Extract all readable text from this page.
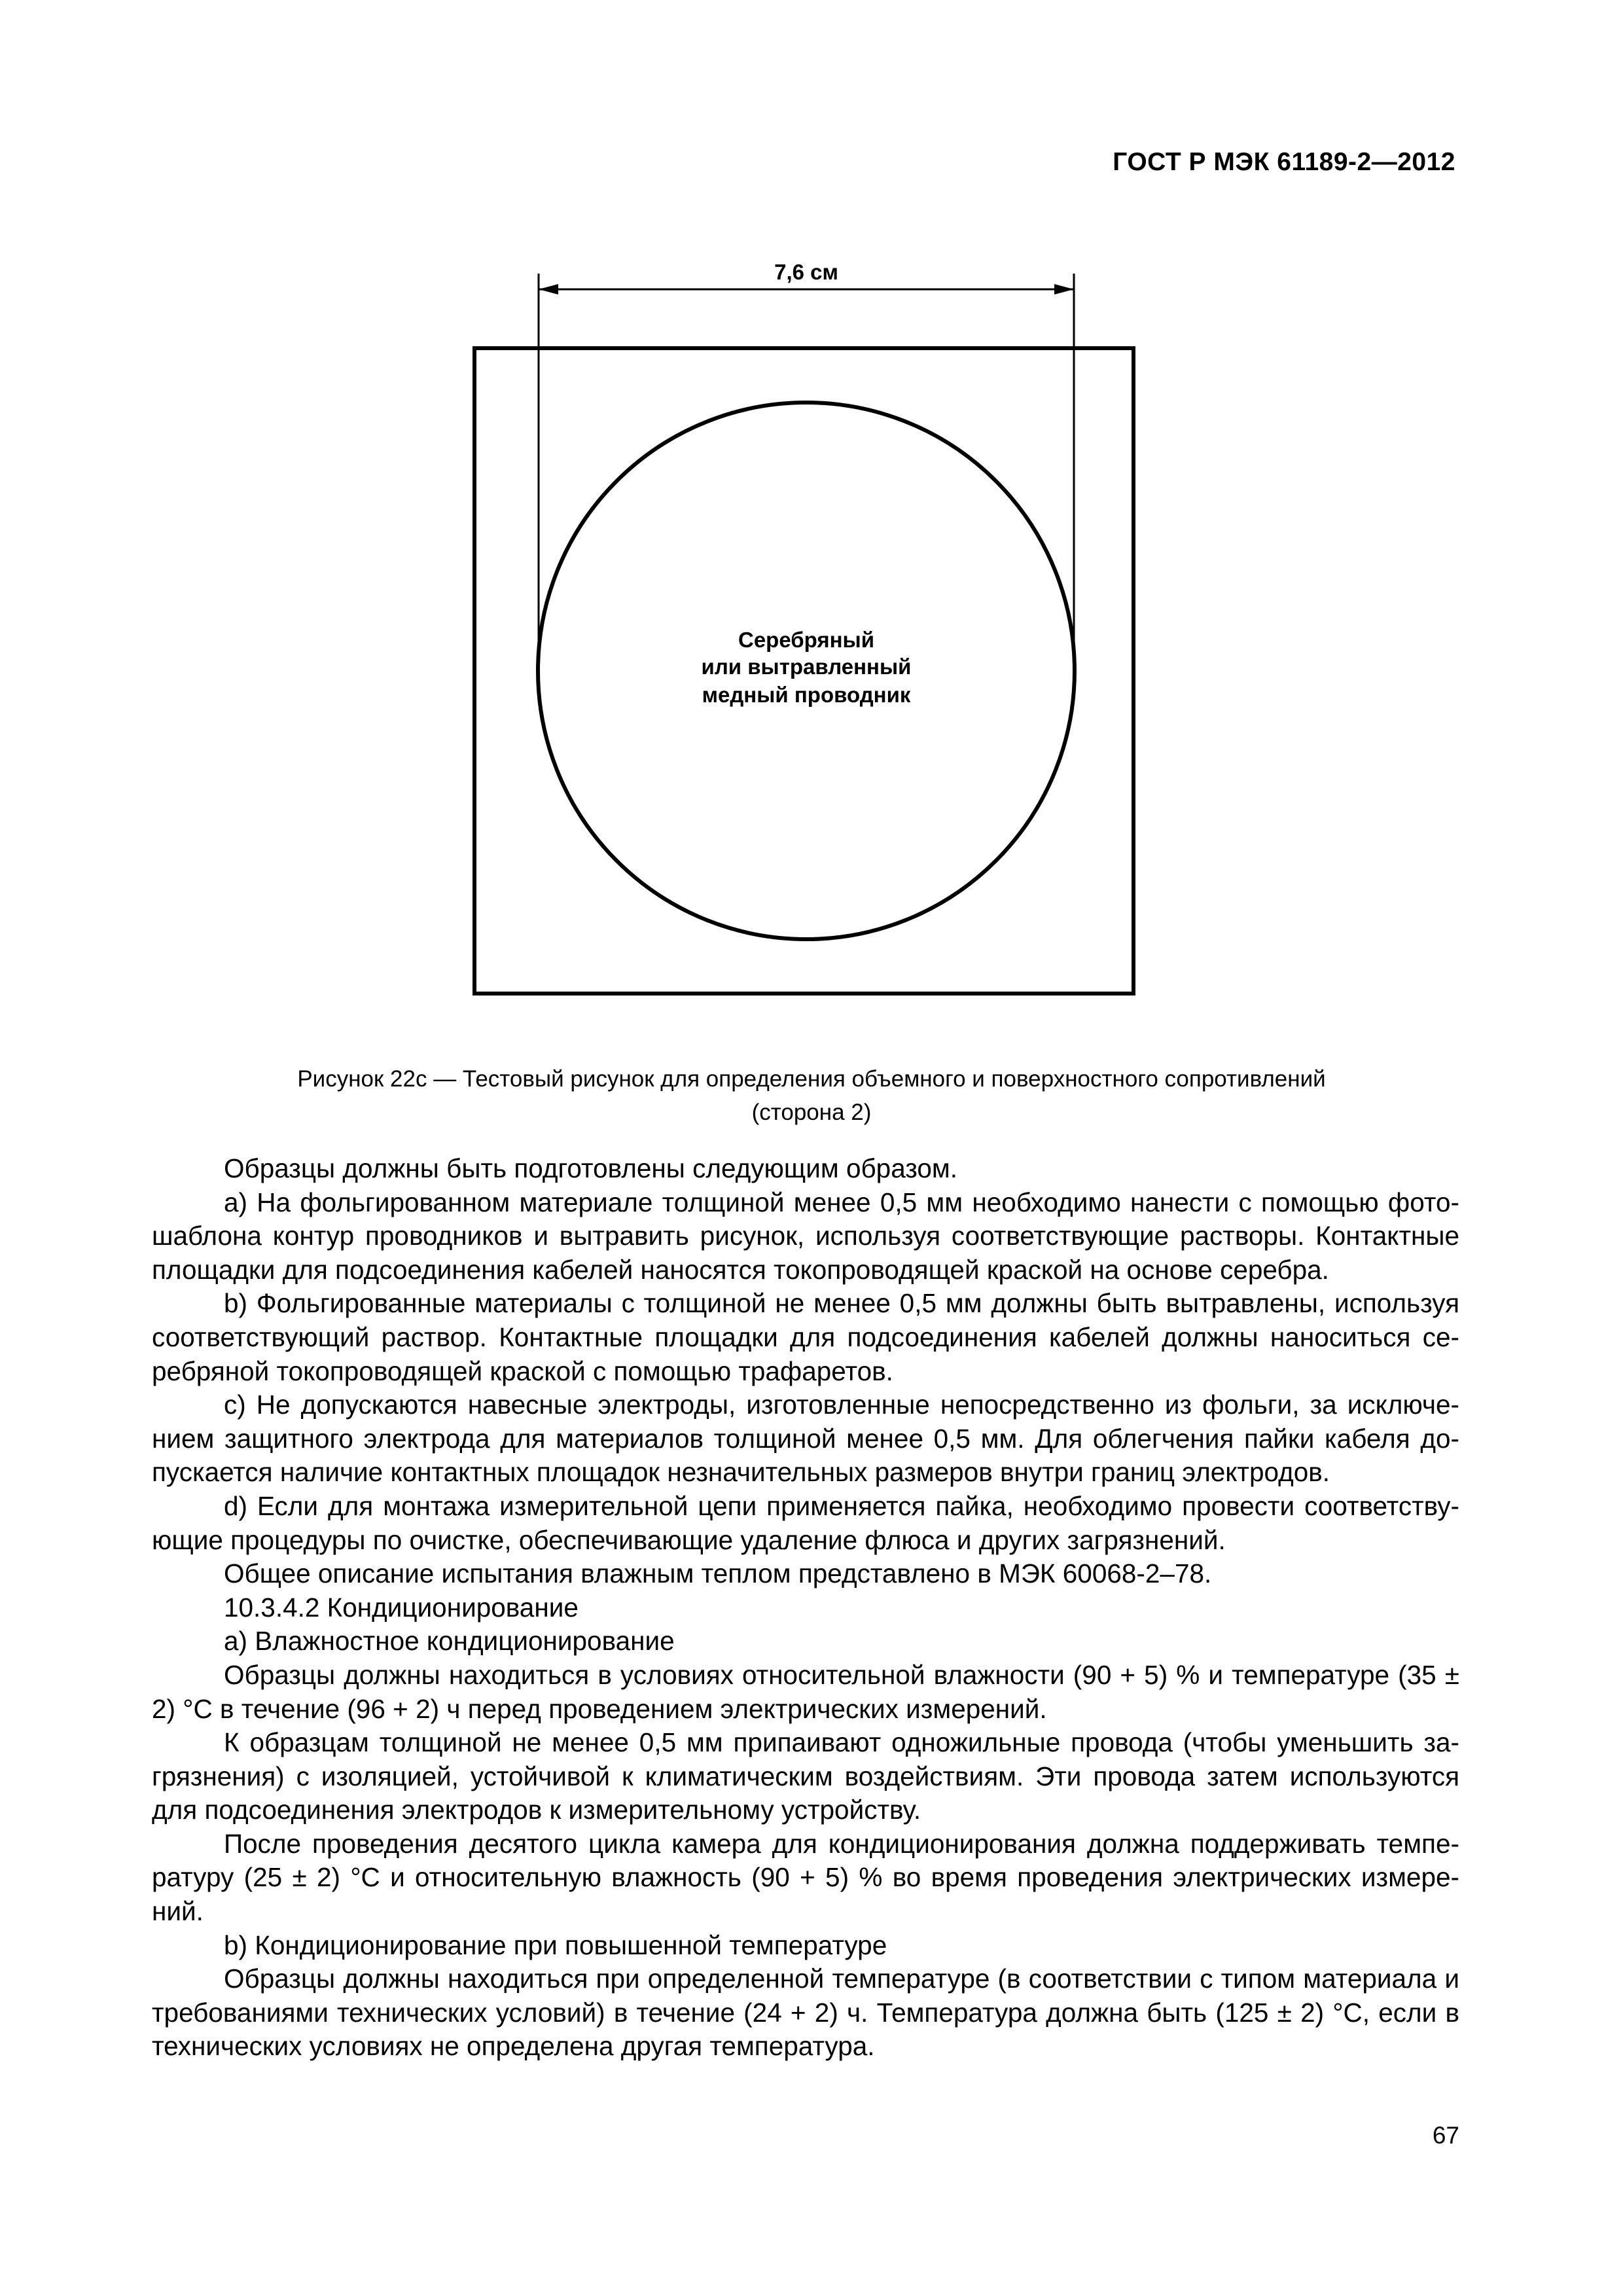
ГОСТ Р МЭК 61189-2—2012
7,6 см
Серебряный
или вытравленный
медный проводник
Рисунок 22c — Тестовый рисунок для определения объемного и поверхностного сопротивлений
(сторона 2)

Образцы должны быть подготовлены следующим образом.

а) На фольгированном материале толщиной менее 0,5 мм необходимо нанести с помощью фото-шаблона контур проводников и вытравить рисунок, используя соответствующие растворы. Контактные площадки для подсоединения кабелей наносятся токопроводящей краской на основе серебра.

b) Фольгированные материалы с толщиной не менее 0,5 мм должны быть вытравлены, используя соответствующий раствор. Контактные площадки для подсоединения кабелей должны наноситься се-ребряной токопроводящей краской с помощью трафаретов.

c) Не допускаются навесные электроды, изготовленные непосредственно из фольги, за исключе-нием защитного электрода для материалов толщиной менее 0,5 мм. Для облегчения пайки кабеля до-пускается наличие контактных площадок незначительных размеров внутри границ электродов.

d) Если для монтажа измерительной цепи применяется пайка, необходимо провести соответству-ющие процедуры по очистке, обеспечивающие удаление флюса и других загрязнений.

Общее описание испытания влажным теплом представлено в МЭК 60068-2–78.

10.3.4.2 Кондиционирование

а) Влажностное кондиционирование

Образцы должны находиться в условиях относительной влажности (90 + 5) % и температуре (35 ± 2) °С в течение (96 + 2) ч перед проведением электрических измерений.

К образцам толщиной не менее 0,5 мм припаивают одножильные провода (чтобы уменьшить за-грязнения) с изоляцией, устойчивой к климатическим воздействиям. Эти провода затем используются для подсоединения электродов к измерительному устройству.

После проведения десятого цикла камера для кондиционирования должна поддерживать темпе-ратуру (25 ± 2) °С и относительную влажность (90 + 5) % во время проведения электрических измере-ний.

b) Кондиционирование при повышенной температуре

Образцы должны находиться при определенной температуре (в соответствии с типом материала и требованиями технических условий) в течение (24 + 2) ч. Температура должна быть (125 ± 2) °С, если в технических условиях не определена другая температура.

67
